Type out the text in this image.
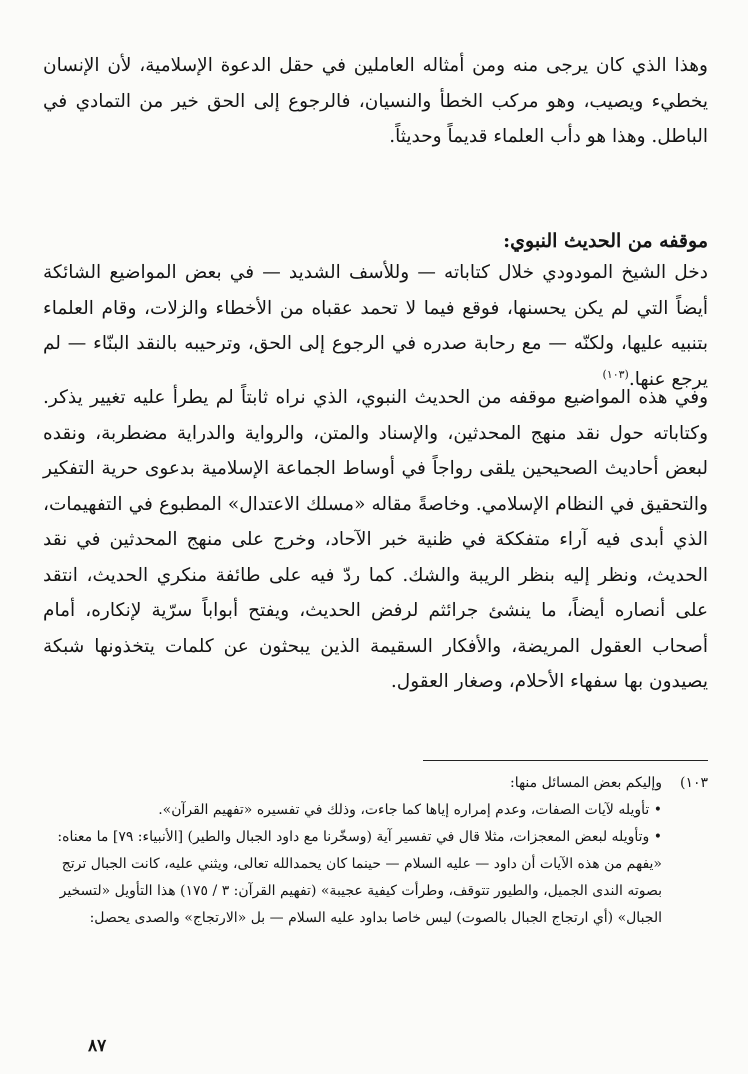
وهذا الذي كان يرجى منه ومن أمثاله العاملين في حقل الدعوة الإسلامية، لأن الإنسان يخطيء ويصيب، وهو مركب الخطأ والنسيان، فالرجوع إلى الحق خير من التمادي في الباطل. وهذا هو دأب العلماء قديماً وحديثاً.

موقفه من الحديث النبوي:

دخل الشيخ المودودي خلال كتاباته — وللأسف الشديد — في بعض المواضيع الشائكة أيضاً التي لم يكن يحسنها، فوقع فيما لا تحمد عقباه من الأخطاء والزلات، وقام العلماء بتنبيه عليها، ولكنّه — مع رحابة صدره في الرجوع إلى الحق، وترحيبه بالنقد البنّاء — لم يرجع عنها.$^{(١٠٣)}$

وفي هذه المواضيع موقفه من الحديث النبوي، الذي نراه ثابتاً لم يطرأ عليه تغيير يذكر. وكتاباته حول نقد منهج المحدثين، والإسناد والمتن، والرواية والدراية مضطربة، ونقده لبعض أحاديث الصحيحين يلقى رواجاً في أوساط الجماعة الإسلامية بدعوى حرية التفكير والتحقيق في النظام الإسلامي. وخاصةً مقاله «مسلك الاعتدال» المطبوع في التفهيمات، الذي أبدى فيه آراء متفككة في ظنية خبر الآحاد، وخرج على منهج المحدثين في نقد الحديث، ونظر إليه بنظر الريبة والشك. كما ردّ فيه على طائفة منكري الحديث، انتقد على أنصاره أيضاً، ما ينشئ جرائثم لرفض الحديث، ويفتح أبواباً سرّية لإنكاره، أمام أصحاب العقول المريضة، والأفكار السقيمة الذين يبحثون عن كلمات يتخذونها شبكة يصيدون بها سفهاء الأحلام، وصغار العقول.

١٠٣)
وإليكم بعض المسائل منها:
• تأويله لآيات الصفات، وعدم إمراره إياها كما جاءت، وذلك في تفسيره «تفهيم القرآن».
• وتأويله لبعض المعجزات، مثلا قال في تفسير آية (وسخّرنا مع داود الجبال والطير) [الأنبياء: ٧٩] ما معناه: «يفهم من هذه الآيات أن داود — عليه السلام — حينما كان يحمدالله تعالى، ويثني عليه، كانت الجبال ترتج بصوته الندى الجميل، والطيور تتوقف، وطرأت كيفية عجيبة» (تفهيم القرآن: ٣ / ١٧٥) هذا التأويل «لتسخير الجبال» (أي ارتجاج الجبال بالصوت) ليس خاصا بداود عليه السلام — بل «الارتجاج» والصدى يحصل:
٨٧
